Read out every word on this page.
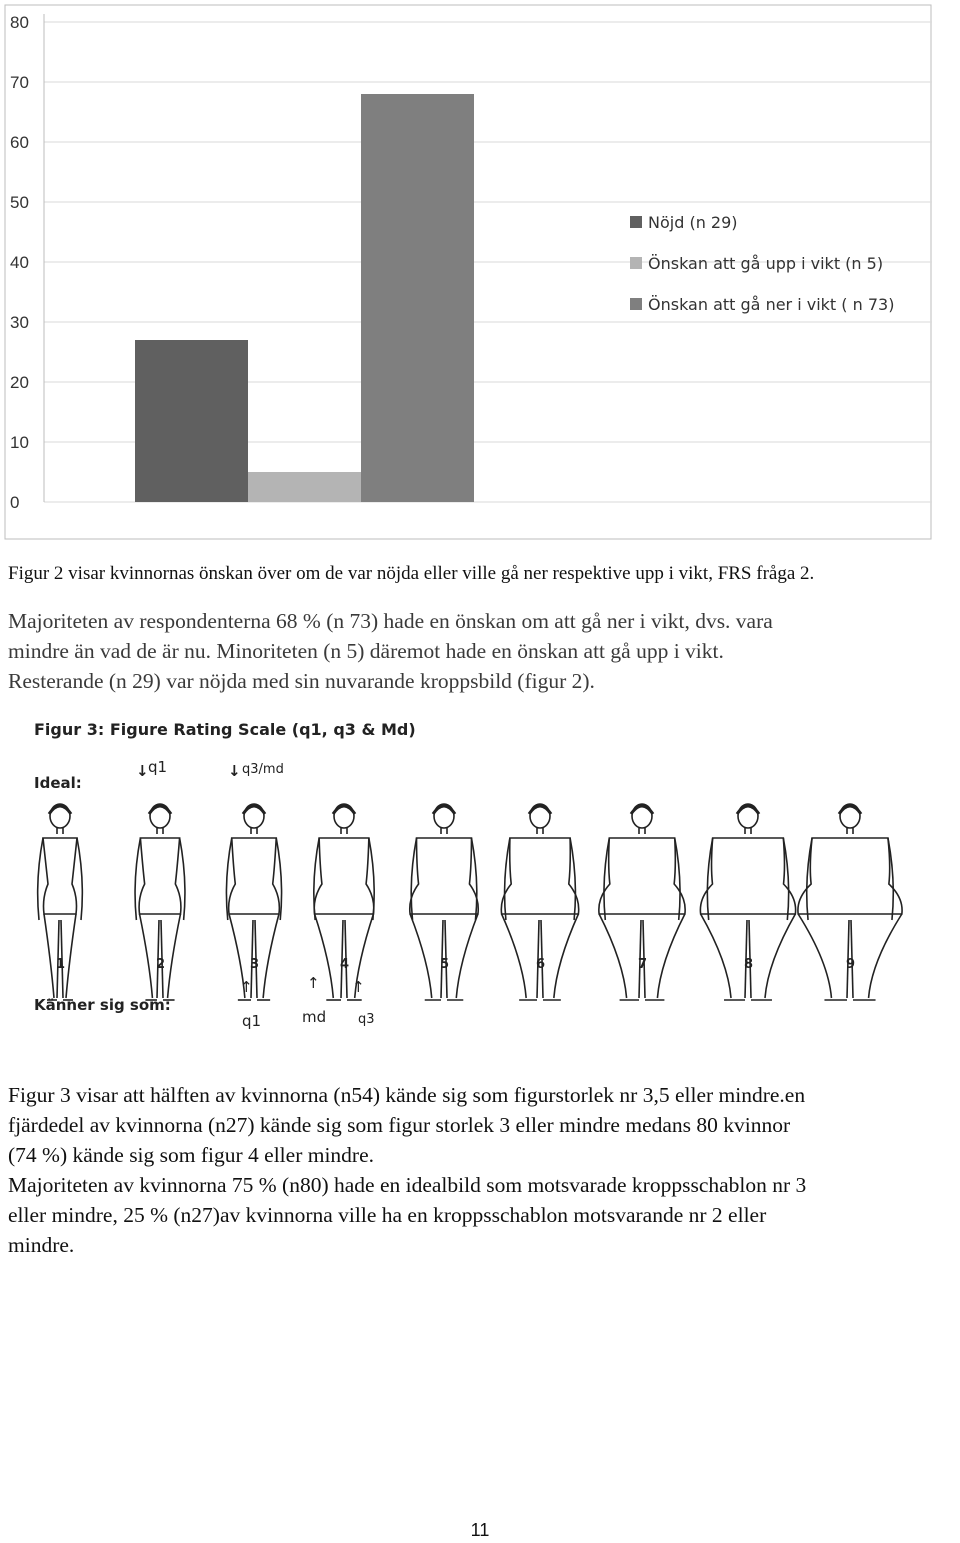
0
10
20
30
40
50
60
70
80
Nöjd (n 29)
Önskan att gå upp i vikt (n 5)
Önskan att gå ner i vikt ( n 73)
Figur 2 visar kvinnornas önskan över om de var nöjda eller ville gå ner respektive upp i vikt, FRS fråga 2.
Majoriteten av respondenterna 68 % (n 73) hade en önskan om att gå ner i vikt, dvs. vara
mindre än vad de är nu. Minoriteten (n 5) däremot hade en önskan att gå upp i vikt.
Resterande (n 29) var nöjda med sin nuvarande kroppsbild (figur 2).
Figur 3: Figure Rating Scale (q1, q3 & Md)
Ideal:
Känner sig som:
↓ q1	↓ q3/md
1	2	3	4	5	6	7	8	9
↑
q1
↑
md
↑
q3
Figur 3 visar att hälften av kvinnorna (n54) kände sig som figurstorlek nr 3,5 eller mindre.en
fjärdedel av kvinnorna (n27) kände sig som figur storlek 3 eller mindre medans 80 kvinnor
(74 %) kände sig som figur 4 eller mindre.
Majoriteten av kvinnorna 75 % (n80) hade en idealbild som motsvarade kroppsschablon nr 3
eller mindre, 25 % (n27)av kvinnorna ville ha en kroppsschablon motsvarande nr 2 eller
mindre.
11
